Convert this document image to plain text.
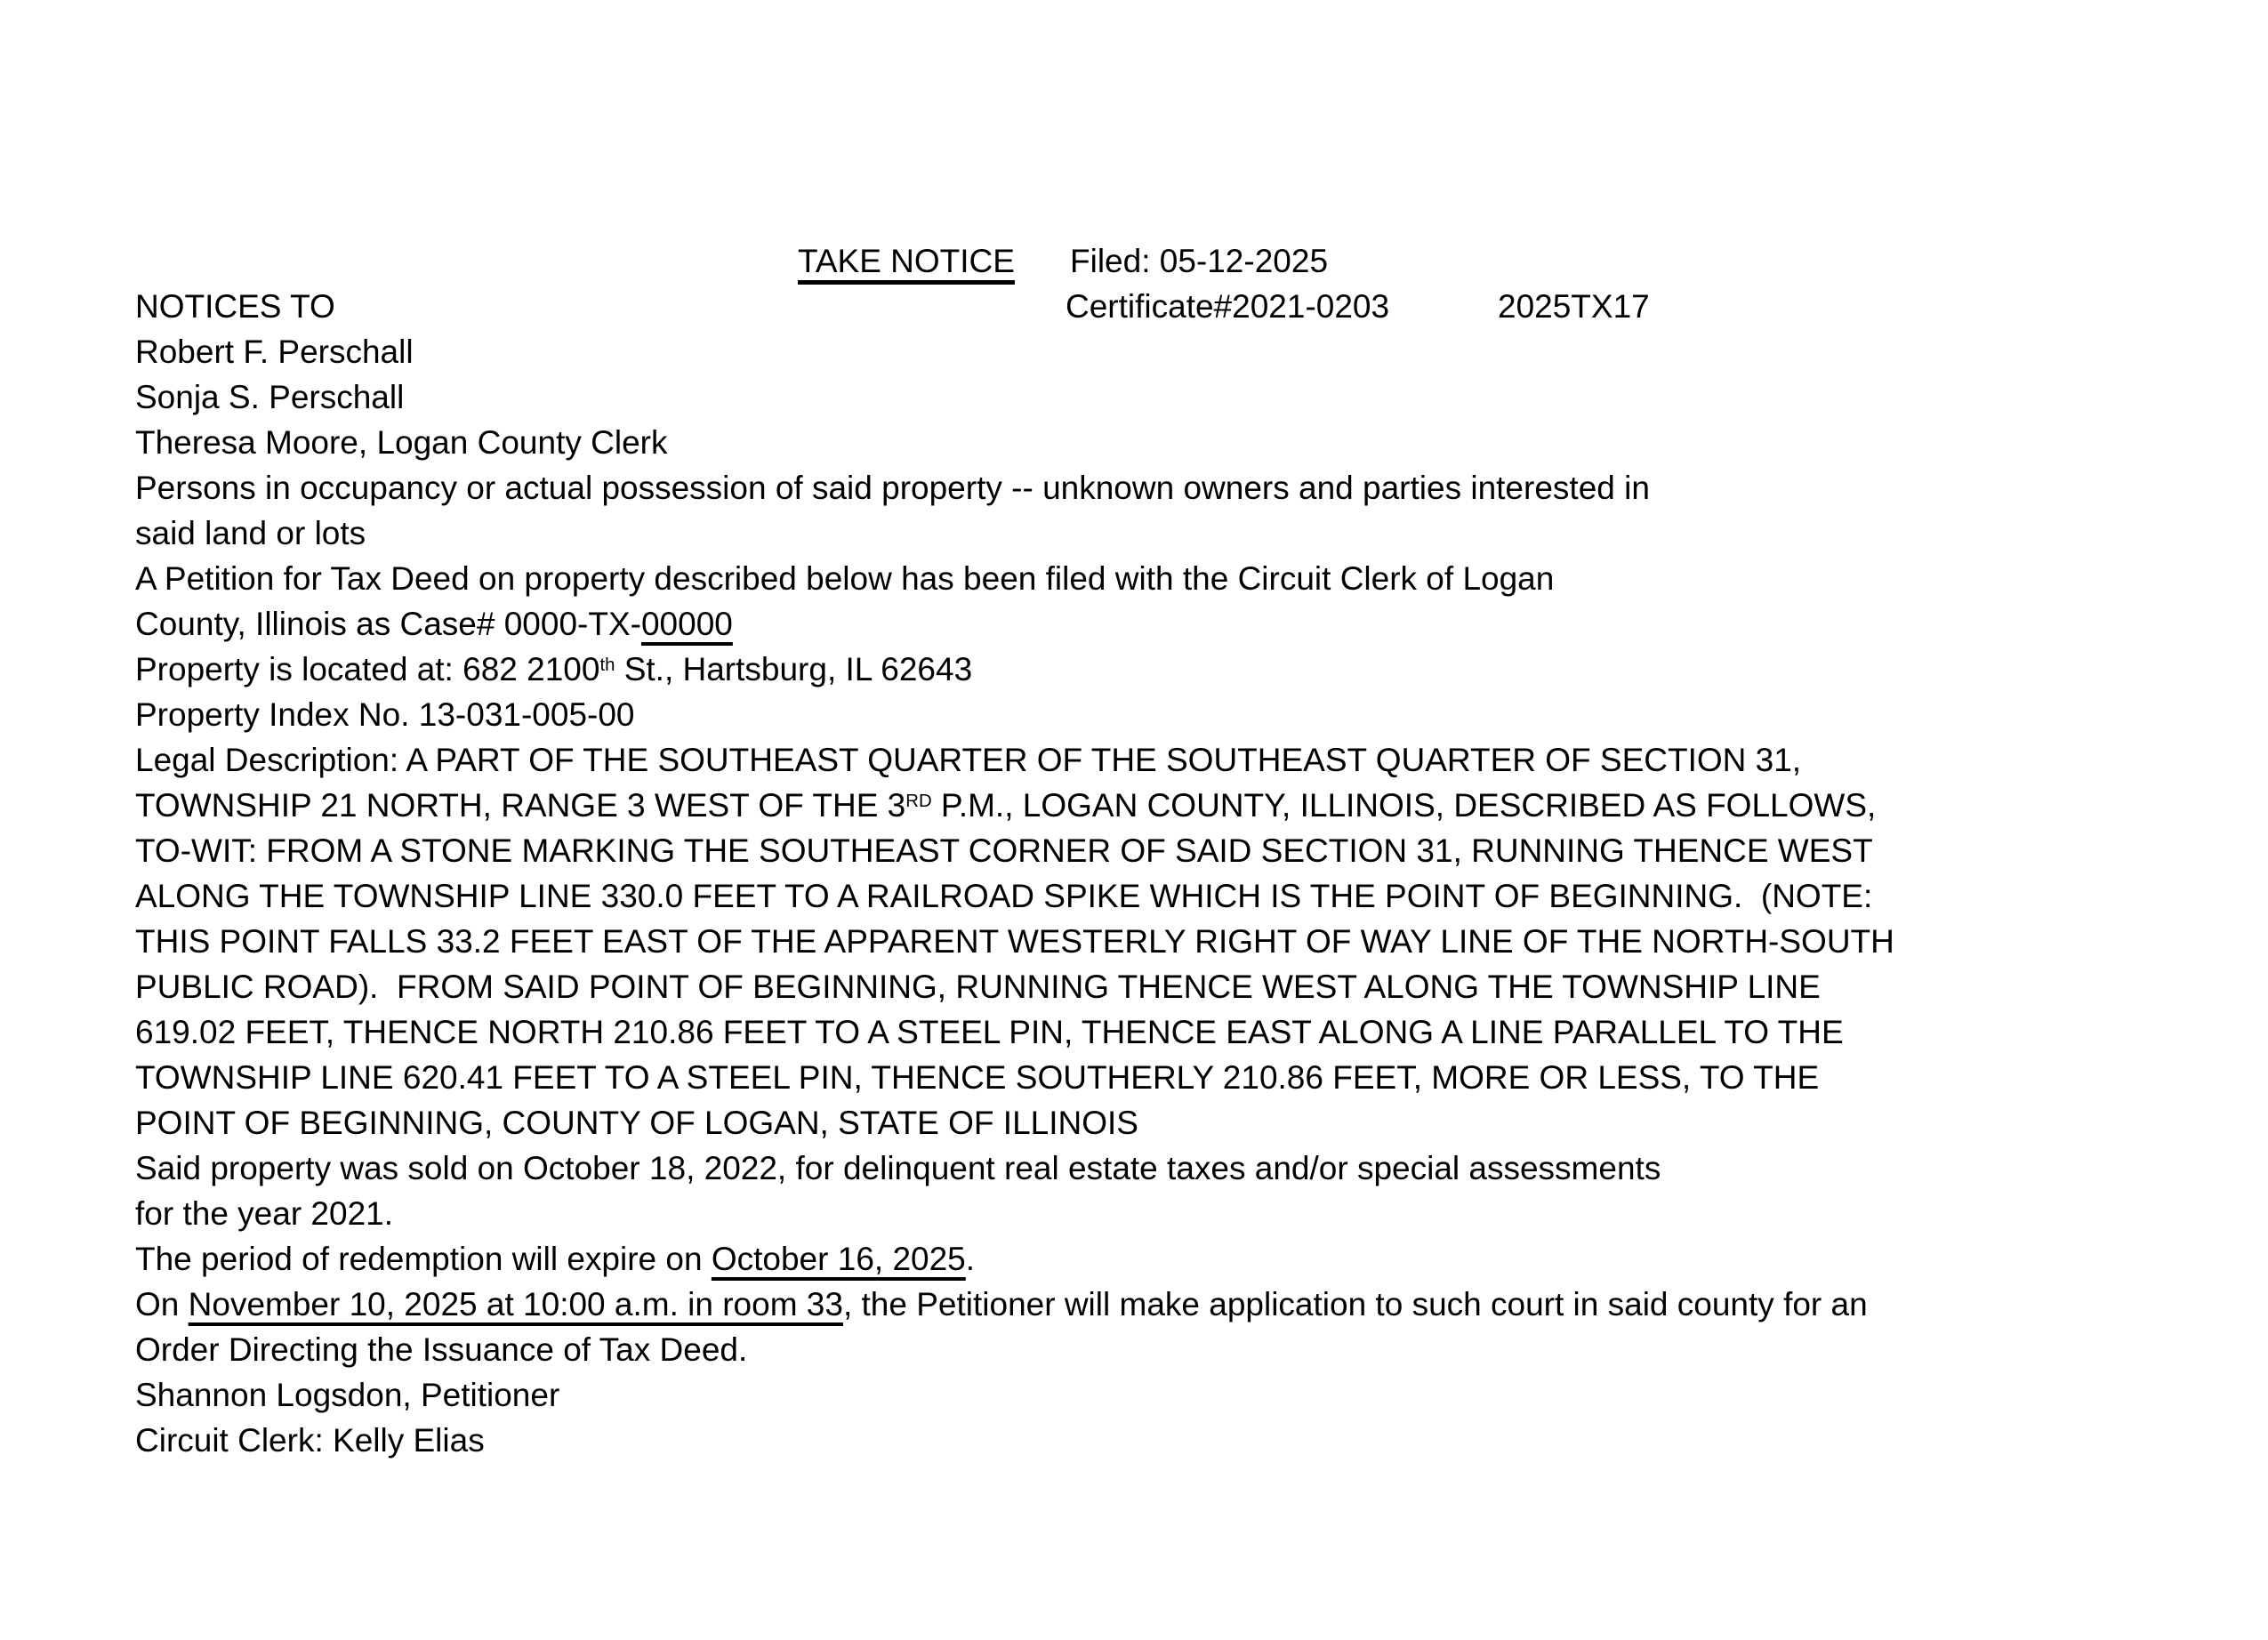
TAKE NOTICE Filed: 05-12-2025
NOTICES TO	Certificate#2021-0203	2025TX17
Robert F. Perschall
Sonja S. Perschall
Theresa Moore, Logan County Clerk
Persons in occupancy or actual possession of said property -- unknown owners and parties interested in
said land or lots
A Petition for Tax Deed on property described below has been filed with the Circuit Clerk of Logan
County, Illinois as Case# 0000-TX-00000
Property is located at: 682 2100th St., Hartsburg, IL 62643
Property Index No. 13-031-005-00
Legal Description: A PART OF THE SOUTHEAST QUARTER OF THE SOUTHEAST QUARTER OF SECTION 31,
TOWNSHIP 21 NORTH, RANGE 3 WEST OF THE 3RD P.M., LOGAN COUNTY, ILLINOIS, DESCRIBED AS FOLLOWS,
TO-WIT: FROM A STONE MARKING THE SOUTHEAST CORNER OF SAID SECTION 31, RUNNING THENCE WEST
ALONG THE TOWNSHIP LINE 330.0 FEET TO A RAILROAD SPIKE WHICH IS THE POINT OF BEGINNING.  (NOTE:
THIS POINT FALLS 33.2 FEET EAST OF THE APPARENT WESTERLY RIGHT OF WAY LINE OF THE NORTH-SOUTH
PUBLIC ROAD).  FROM SAID POINT OF BEGINNING, RUNNING THENCE WEST ALONG THE TOWNSHIP LINE
619.02 FEET, THENCE NORTH 210.86 FEET TO A STEEL PIN, THENCE EAST ALONG A LINE PARALLEL TO THE
TOWNSHIP LINE 620.41 FEET TO A STEEL PIN, THENCE SOUTHERLY 210.86 FEET, MORE OR LESS, TO THE
POINT OF BEGINNING, COUNTY OF LOGAN, STATE OF ILLINOIS
Said property was sold on October 18, 2022, for delinquent real estate taxes and/or special assessments
for the year 2021.
The period of redemption will expire on October 16, 2025.
On November 10, 2025 at 10:00 a.m. in room 33, the Petitioner will make application to such court in said county for an
Order Directing the Issuance of Tax Deed.
Shannon Logsdon, Petitioner
Circuit Clerk: Kelly Elias
